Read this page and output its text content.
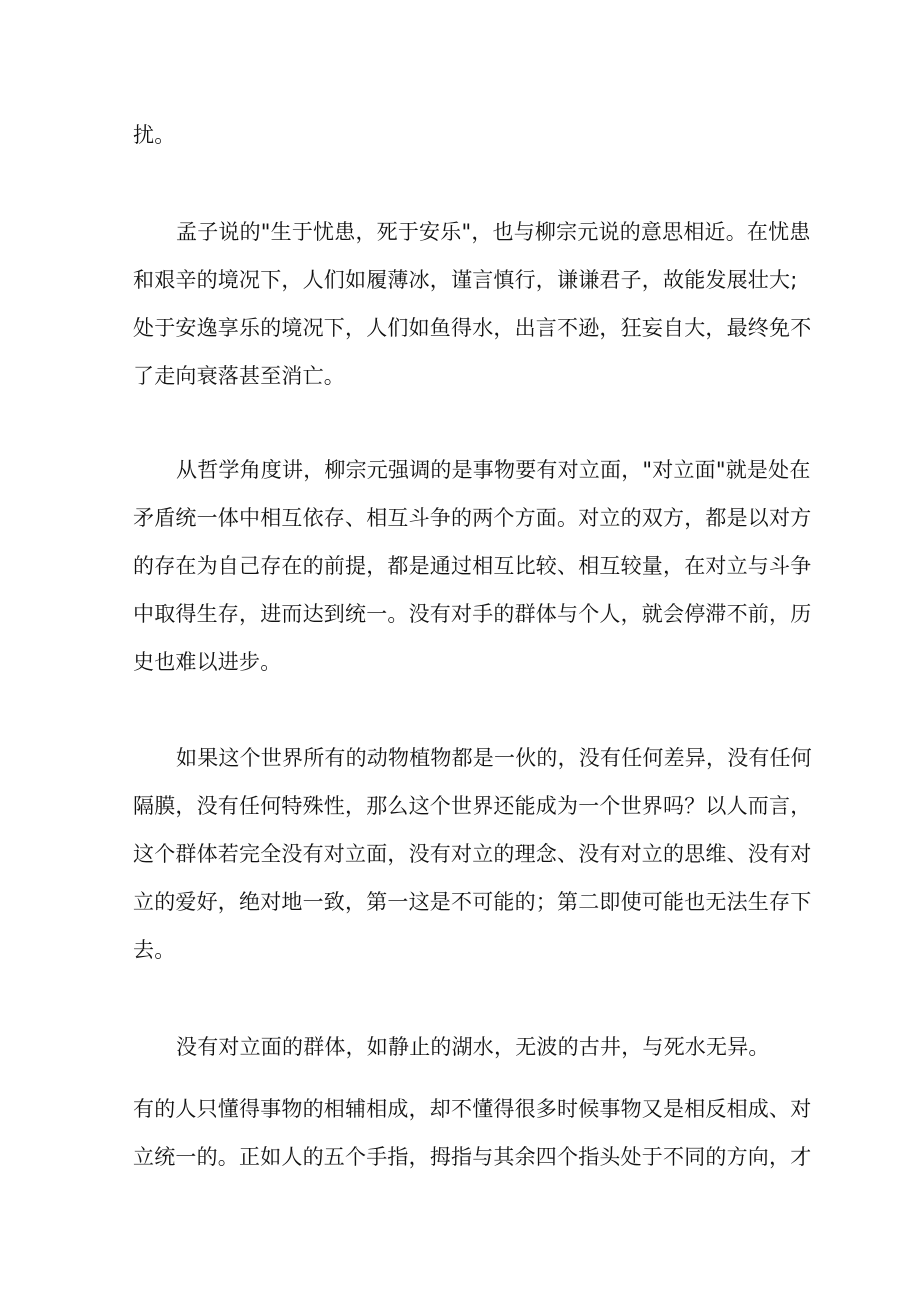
扰。
孟子说的"生于忧患，死于安乐"，也与柳宗元说的意思相近。在忧患
和艰辛的境况下，人们如履薄冰，谨言慎行，谦谦君子，故能发展壮大;
处于安逸享乐的境况下，人们如鱼得水，出言不逊，狂妄自大，最终免不
了走向衰落甚至消亡。
从哲学角度讲，柳宗元强调的是事物要有对立面，"对立面"就是处在
矛盾统一体中相互依存、相互斗争的两个方面。对立的双方，都是以对方
的存在为自己存在的前提，都是通过相互比较、相互较量，在对立与斗争
中取得生存，进而达到统一。没有对手的群体与个人，就会停滞不前，历
史也难以进步。
如果这个世界所有的动物植物都是一伙的，没有任何差异，没有任何
隔膜，没有任何特殊性，那么这个世界还能成为一个世界吗？以人而言，
这个群体若完全没有对立面，没有对立的理念、没有对立的思维、没有对
立的爱好，绝对地一致，第一这是不可能的；第二即使可能也无法生存下
去。
没有对立面的群体，如静止的湖水，无波的古井，与死水无异。
有的人只懂得事物的相辅相成，却不懂得很多时候事物又是相反相成、对
立统一的。正如人的五个手指，拇指与其余四个指头处于不同的方向，才
